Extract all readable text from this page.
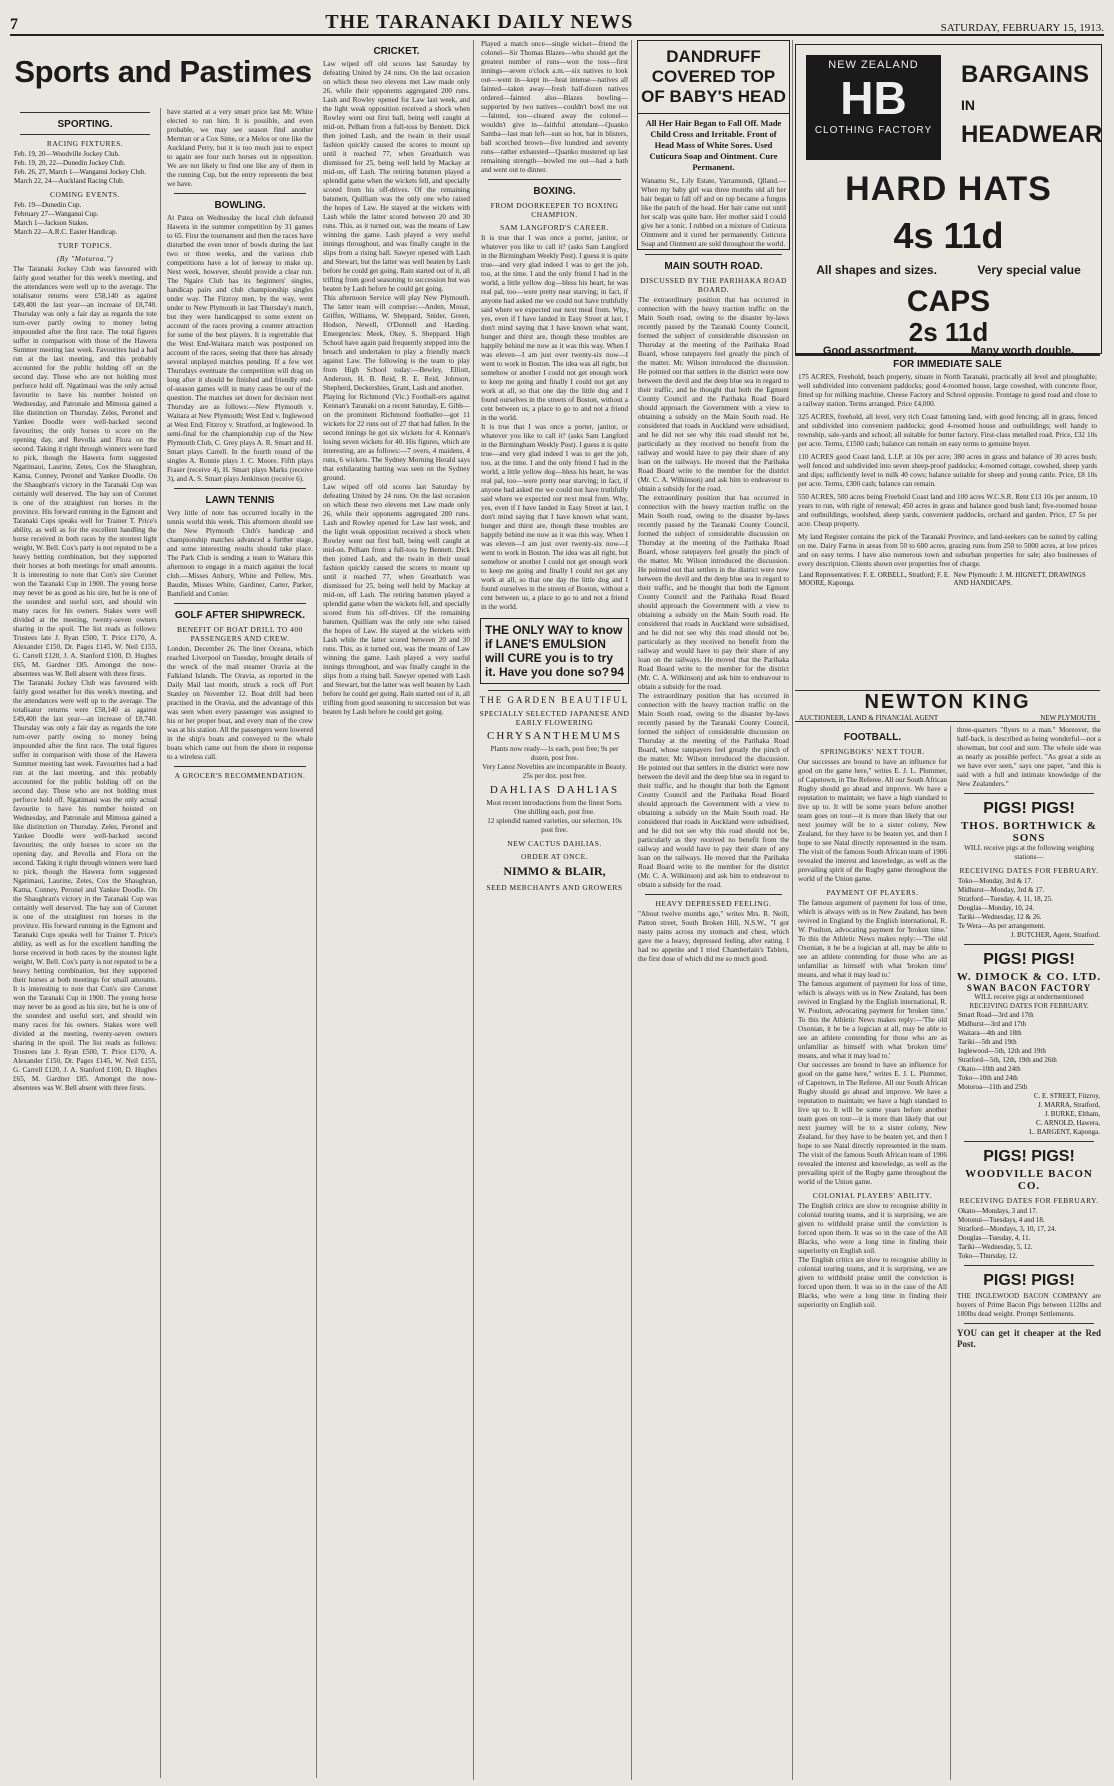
7	THE TARANAKI DAILY NEWS	SATURDAY, FEBRUARY 15, 1913.
Sports and Pastimes
SPORTING.
RACING FIXTURES.
Feb. 19, 20—Woodville Jockey Club.
Feb. 19, 20, 22—Dunedin Jockey Club.
Feb. 26, 27, March 1—Wanganui Jockey Club.
March 22, 24—Auckland Racing Club.
COMING EVENTS.
Feb. 19—Dunedin Cup.
February 27—Wanganui Cup.
March 1—Jackson Stakes.
March 22—A.R.C. Easter Handicap.
TURF TOPICS.
(By "Moturoa.")
The Taranaki Jockey Club was favoured with fairly good weather for this week's meeting, and the attendances were well up to the average. The totalisator returns were £58,140 as against £49,400 the last year—an increase of £8,740. Thursday was only a fair day as regards the tote turn-over partly owing to money being impounded after the first race. The total figures suffer in comparison with those of the Hawera Summer meeting last week. Favourites had a bad run at the last meeting, and this probably accounted for the public holding off on the second day. Those who are not holding must perforce hold off. Ngatimaui was the only actual favourite to have his number hoisted on Wednesday, and Patronale and Mimosa gained a like distinction on Thursday. Zeles, Peronel and Yankee Doodle were well-backed second favourites; the only horses to score on the opening day, and Revolla and Flora on the second. Taking it right through winners were hard to pick, though the Hawera form suggested Ngatimaui, Laurine, Zetes, Cox the Shaughran, Katna, Conney, Peronel and Yankee Doodle. On the Shaughran's victory in the Taranaki Cup was certainly well deserved. The bay son of Coronet is one of the straightest run horses in the province. His forward running in the Egmont and Taranaki Cups speaks well for Trainer T. Price's ability, as well as for the excellent handling the horse received in both races by the stoutest light weight, W. Bell. Cox's party is not reputed to be a heavy betting combination, but they supported their horses at both meetings for small amounts. It is interesting to note that Con's sire Coronet won the Taranaki Cup in 1900. The young horse may never be as good as his sire, but he is one of the soundest and useful sort, and should win many races for his owners. Stakes were well divided at the meeting, twenty-seven owners sharing in the spoil. The list reads as follows: Trustees late J. Ryan £500, T. Price £170, A. Alexander £150, Dr. Pages £145, W. Neil £155, G. Carrell £120, J. A. Stanford £100, D. Hughes £65, M. Gardner £85. Amongst the now-absentees was W. Bell absent with three firsts.
The Taranaki Jockey Club was favoured with fairly good weather for this week's meeting, and the attendances were well up to the average. The totalisator returns were £58,140 as against £49,400 the last year—an increase of £8,740. Thursday was only a fair day as regards the tote turn-over partly owing to money being impounded after the first race. The total figures suffer in comparison with those of the Hawera Summer meeting last week. Favourites had a bad run at the last meeting, and this probably accounted for the public holding off on the second day. Those who are not holding must perforce hold off. Ngatimaui was the only actual favourite to have his number hoisted on Wednesday, and Patronale and Mimosa gained a like distinction on Thursday. Zeles, Peronel and Yankee Doodle were well-backed second favourites; the only horses to score on the opening day, and Revolla and Flora on the second. Taking it right through winners were hard to pick, though the Hawera form suggested Ngatimaui, Laurine, Zetes, Cox the Shaughran, Katna, Conney, Peronel and Yankee Doodle. On the Shaughran's victory in the Taranaki Cup was certainly well deserved. The bay son of Coronet is one of the straightest run horses in the province. His forward running in the Egmont and Taranaki Cups speaks well for Trainer T. Price's ability, as well as for the excellent handling the horse received in both races by the stoutest light weight, W. Bell. Cox's party is not reputed to be a heavy betting combination, but they supported their horses at both meetings for small amounts. It is interesting to note that Con's sire Coronet won the Taranaki Cup in 1900. The young horse may never be as good as his sire, but he is one of the soundest and useful sort, and should win many races for his owners. Stakes were well divided at the meeting, twenty-seven owners sharing in the spoil. The list reads as follows: Trustees late J. Ryan £500, T. Price £170, A. Alexander £150, Dr. Pages £145, W. Neil £155, G. Carrell £120, J. A. Stanford £100, D. Hughes £65, M. Gardner £85. Amongst the now-absentees was W. Bell absent with three firsts.
have started at a very smart price last Mr. White elected to run him. It is possible, and even probable, we may see season find another Merman or a Cox Sime, or a Melos or one like the Auckland Perry, but it is too much just to expect to again see four such horses out in opposition. We are not likely to find one like any of them in the running Cup, but the entry represents the best we have.
BOWLING.
At Patea on Wednesday the local club defeated Hawera in the summer competition by 31 games to 65. First the tournament and then the races have disturbed the even tenor of bowls during the last two or three weeks, and the various club competitions have a lot of leeway to make up. Next week, however, should provide a clear run. The Ngaire Club has its beginners' singles, handicap pairs and club championship singles under way. The Fitzroy men, by the way, went under to New Plymouth in last Thursday's match, but they were handicapped to some extent on account of the races proving a counter attraction for some of the best players. It is regrettable that the West End-Waitara match was postponed on account of the races, seeing that there has already several unplayed matches pending. If a few wet Thursdays eventuate the competition will drag on long after it should be finished and friendly end-of-season games will in many cases be out of the question. The matches set down for decision next Thursday are as follows:—New Plymouth v. Waitara at New Plymouth; West End v. Inglewood at West End; Fitzroy v. Stratford, at Inglewood. In semi-final for the championship cup of the New Plymouth Club, C. Grey plays A. R. Smart and H. Smart plays Carrell. In the fourth round of the singles A. Ronnie plays J. C. Moore. Fifth plays Fraser (receive 4), H. Smart plays Marks (receive 3), and A. S. Smart plays Jenkinson (receive 6).
LAWN TENNIS
Very little of note has occurred locally in the tennis world this week. This afternoon should see the New Plymouth Club's handicap and championship matches advanced a further stage, and some interesting results should take place. The Park Club is sending a team to Waitara this afternoon to engage in a match against the local club.—Misses Anbury, White and Pellew, Mrs. Baudin, Misses White, Gardiner, Carter, Parker, Bamfield and Cottier.
GOLF AFTER SHIPWRECK.
BENEFIT OF BOAT DRILL TO 400 PASSENGERS AND CREW.
London, December 26. The liner Oceana, which reached Liverpool on Tuesday, brought details of the wreck of the mail steamer Oravia at the Falkland Islands. The Oravia, as reported in the Daily Mail last month, struck a rock off Port Stanley on November 12. Boat drill had been practised in the Oravia, and the advantage of this was seen when every passenger was assigned to his or her proper boat, and every man of the crew was at his station. All the passengers were lowered in the ship's boats and conveyed to the whale boats which came out from the shore in response to a wireless call.
A GROCER'S RECOMMENDATION.
CRICKET.
Law wiped off old scores last Saturday by defeating United by 24 runs. On the last occasion on which these two elevens met Law made only 26, while their opponents aggregated 200 runs. Lash and Rowley opened for Law last week, and the light weak opposition received a shock when Rowley went out first ball, being well caught at mid-on. Pelham from a full-toss by Bennett. Dick then joined Lash, and the twain in their usual fashion quickly caused the scores to mount up until it reached 77, when Greatbatch was dismissed for 25, being well held by Mackay at mid-on, off Lash. The retiring batsmen played a splendid game when the wickets fell, and specially scored from his off-drives. Of the remaining batsmen, Quilliam was the only one who raised the hopes of Law. He stayed at the wickets with Lash while the latter scored between 20 and 30 runs. This, as it turned out, was the means of Law winning the game. Lash played a very useful innings throughout, and was finally caught in the slips from a rising ball. Sawyer opened with Lash and Stewart, but the latter was well beaten by Lash before he could get going. Rain started out of it, all trifling from good seasoning to succession but was beaten by Lash before he could get going.
This afternoon Service will play New Plymouth. The latter team will comprise:—Anden, Mouat, Griffen, Williams, W. Sheppard, Snider, Green, Hodson, Newell, O'Donnell and Harding. Emergencies: Meek, Okey, S. Sheppard. High School have again paid frequently stepped into the breach and undertaken to play a friendly match against Law. The following is the team to play from High School today:—Bewley, Elliott, Anderson, H. B. Reid, R. E. Reid, Johnson, Shepherd, Deckersbies, Grant, Lash and another.
Playing for Richmond (Vic.) Football-ers against Kennan's Taranaki on a recent Saturday, E. Gibb—on the prominent Richmond footballer—got 11 wickets for 22 runs out of 27 that had fallen. In the second innings he got six wickets for 4. Kennan's losing seven wickets for 40. His figures, which are interesting, are as follows:—7 overs, 4 maidens, 4 runs, 6 wickets. The Sydney Morning Herald says that exhilarating batting was seen on the Sydney ground.
Law wiped off old scores last Saturday by defeating United by 24 runs. On the last occasion on which these two elevens met Law made only 26, while their opponents aggregated 200 runs. Lash and Rowley opened for Law last week, and the light weak opposition received a shock when Rowley went out first ball, being well caught at mid-on. Pelham from a full-toss by Bennett. Dick then joined Lash, and the twain in their usual fashion quickly caused the scores to mount up until it reached 77, when Greatbatch was dismissed for 25, being well held by Mackay at mid-on, off Lash. The retiring batsmen played a splendid game when the wickets fell, and specially scored from his off-drives. Of the remaining batsmen, Quilliam was the only one who raised the hopes of Law. He stayed at the wickets with Lash while the latter scored between 20 and 30 runs. This, as it turned out, was the means of Law winning the game. Lash played a very useful innings throughout, and was finally caught in the slips from a rising ball. Sawyer opened with Lash and Stewart, but the latter was well beaten by Lash before he could get going. Rain started out of it, all trifling from good seasoning to succession but was beaten by Lash before he could get going.
Played a match once—single wicket—friend the colonel—Sir Thomas Blazes—who should get the greatest number of runs—won the toss—first innings—seven o'clock a.m.—six natives to look out—went in—kept in—heat intense—natives all fainted—taken away—fresh half-dozen natives ordered—fainted also—Blazes bowling—supported by two natives—couldn't bowl me out—fainted, too—cleared away the colonel—wouldn't give in—faithful attendant—Quanko Samba—last man left—sun so hot, bat in blisters, ball scorched brown—five hundred and seventy runs—rather exhausted—Quanko mustered up last remaining strength—bowled me out—had a bath and went out to dinner.
BOXING.
FROM DOORKEEPER TO BOXING CHAMPION.
SAM LANGFORD'S CAREER.
It is true that I was once a porter, janitor, or whatever you like to call it? (asks Sam Langford in the Birmingham Weekly Post). I guess it is quite true—and very glad indeed I was to get the job, too, at the time. I and the only friend I had in the world, a little yellow dog—bless his heart, he was real pal, too—were pretty near starving; in fact, if anyone had asked me we could not have truthfully said where we expected our next meal from. Why, yes, even if I have landed in Easy Street at last, I don't mind saying that I have known what want, hunger and thirst are, though these troubles are happily behind me now as it was this way. When I was eleven—I am just over twenty-six now—I went to work in Boston. The idea was all right, but somehow or another I could not get enough work to keep me going and finally I could not get any work at all, so that one day the little dog and I found ourselves in the streets of Boston, without a cent between us, a place to go to and not a friend in the world.
It is true that I was once a porter, janitor, or whatever you like to call it? (asks Sam Langford in the Birmingham Weekly Post). I guess it is quite true—and very glad indeed I was to get the job, too, at the time. I and the only friend I had in the world, a little yellow dog—bless his heart, he was real pal, too—were pretty near starving; in fact, if anyone had asked me we could not have truthfully said where we expected our next meal from. Why, yes, even if I have landed in Easy Street at last, I don't mind saying that I have known what want, hunger and thirst are, though these troubles are happily behind me now as it was this way. When I was eleven—I am just over twenty-six now—I went to work in Boston. The idea was all right, but somehow or another I could not get enough work to keep me going and finally I could not get any work at all, so that one day the little dog and I found ourselves in the streets of Boston, without a cent between us, a place to go to and not a friend in the world.
THE ONLY WAY to know if LANE'S EMULSION will CURE you is to try it. Have you done so? 94
THE GARDEN BEAUTIFUL
SPECIALLY SELECTED JAPANESE AND EARLY FLOWERING
CHRYSANTHEMUMS
Plants now ready—1s each, post free; 9s per dozen, post free.
Very Latest Novelties are incomparable in Beauty. 25s per doz. post free.
DAHLIAS DAHLIAS
Most recent introductions from the finest Sorts. One shilling each, post free.
12 splendid named varieties, our selection, 10s post free.
NEW CACTUS DAHLIAS.
ORDER AT ONCE.
NIMMO & BLAIR,
SEED MERCHANTS AND GROWERS
DANDRUFF COVERED TOP OF BABY'S HEAD
All Her Hair Began to Fall Off. Made Child Cross and Irritable. Front of Head Mass of White Sores. Used Cuticura Soap and Ointment. Cure Permanent.
Wanamu St., Lily Estate, Yarramundi, Qlland.—When my baby girl was three months old all her hair began to fall off and on top became a fungus like the patch of the head. Her hair came out until her scalp was quite bare. Her mother said I could give her a tonic. I rubbed on a mixture of Cuticura Ointment and it cured her permanently. Cuticura Soap and Ointment are sold throughout the world.
MAIN SOUTH ROAD.
DISCUSSED BY THE PARIHAKA ROAD BOARD.
The extraordinary position that has occurred in connection with the heavy traction traffic on the Main South road, owing to the disaster by-laws recently passed by the Taranaki County Council, formed the subject of considerable discussion on Thursday at the meeting of the Parihaka Road Board, whose ratepayers feel greatly the pinch of the matter. Mr. Wilson introduced the discussion. He pointed out that settlers in the district were now between the devil and the deep blue sea in regard to their traffic, and he thought that both the Egmont County Council and the Parihaka Road Board should approach the Government with a view to obtaining a subsidy on the Main South road. He considered that roads in Auckland were subsidised, and he did not see why this road should not be, particularly as they received no benefit from the railway and would have to pay their share of any loan on the railways. He moved that the Parihaka Road Board write to the member for the district (Mr. C. A. Wilkinson) and ask him to endeavour to obtain a subsidy for the road.
The extraordinary position that has occurred in connection with the heavy traction traffic on the Main South road, owing to the disaster by-laws recently passed by the Taranaki County Council, formed the subject of considerable discussion on Thursday at the meeting of the Parihaka Road Board, whose ratepayers feel greatly the pinch of the matter. Mr. Wilson introduced the discussion. He pointed out that settlers in the district were now between the devil and the deep blue sea in regard to their traffic, and he thought that both the Egmont County Council and the Parihaka Road Board should approach the Government with a view to obtaining a subsidy on the Main South road. He considered that roads in Auckland were subsidised, and he did not see why this road should not be, particularly as they received no benefit from the railway and would have to pay their share of any loan on the railways. He moved that the Parihaka Road Board write to the member for the district (Mr. C. A. Wilkinson) and ask him to endeavour to obtain a subsidy for the road.
The extraordinary position that has occurred in connection with the heavy traction traffic on the Main South road, owing to the disaster by-laws recently passed by the Taranaki County Council, formed the subject of considerable discussion on Thursday at the meeting of the Parihaka Road Board, whose ratepayers feel greatly the pinch of the matter. Mr. Wilson introduced the discussion. He pointed out that settlers in the district were now between the devil and the deep blue sea in regard to their traffic, and he thought that both the Egmont County Council and the Parihaka Road Board should approach the Government with a view to obtaining a subsidy on the Main South road. He considered that roads in Auckland were subsidised, and he did not see why this road should not be, particularly as they received no benefit from the railway and would have to pay their share of any loan on the railways. He moved that the Parihaka Road Board write to the member for the district (Mr. C. A. Wilkinson) and ask him to endeavour to obtain a subsidy for the road.
HEAVY DEPRESSED FEELING.
"About twelve months ago," writes Mrs. R. Neill, Patton street, South Broken Hill, N.S.W., "I got nasty pains across my stomach and chest, which gave me a heavy, depressed feeling, after eating. I had no appetite and I tried Chamberlain's Tablets, the first dose of which did me so much good.
NEW ZEALAND
HB
CLOTHING FACTORY
BARGAINS
IN
HEADWEAR
HARD HATS
4s 11d
All shapes and sizes.	Very special value
CAPS
2s 11d
Good assortment.	Many worth double.
FOR IMMEDIATE SALE
175 ACRES, Freehold, beach property, situate in North Taranaki, practically all level and ploughable; well subdivided into convenient paddocks; good 4-roomed house, large cowshed, with concrete floor, fitted up for milking machine. Cheese Factory and School opposite. Frontage to good road and close to a railway station. Terms arranged. Price £4,000.
325 ACRES, freehold, all level, very rich Coast fattening land, with good fencing; all in grass, fenced and subdivided into convenient paddocks; good 4-roomed house and outbuildings; well handy to township, sale-yards and school; all suitable for butter factory. First-class metalled road. Price, £32 10s per acre. Terms, £1500 cash; balance can remain on easy terms to genuine buyer.
110 ACRES good Coast land, L.I.P. at 10s per acre; 380 acres in grass and balance of 30 acres bush; well fenced and subdivided into seven sheep-proof paddocks; 4-roomed cottage, cowshed, sheep yards and dips; sufficiently level to milk 40 cows; balance suitable for sheep and young cattle. Price, £8 10s per acre. Terms, £300 cash; balance can remain.
550 ACRES, 500 acres being Freehold Coast land and 100 acres W.C.S.R. Rent £13 10s per annum, 10 years to run, with right of renewal; 450 acres in grass and balance good bush land; five-roomed house and outbuildings, woolshed, sheep yards, convenient paddocks, orchard and garden. Price, £7 5s per acre. Cheap property.
My land Register contains the pick of the Taranaki Province, and land-seekers can be suited by calling on me. Dairy Farms in areas from 50 to 600 acres, grazing runs from 250 to 5000 acres, at low prices and on easy terms. I have also numerous town and suburban properties for sale; also businesses of every description. Clients shown over properties free of charge.
Land Representatives: F. E. ORBELL, Stratford; F. E. MOORE, Kaponga.
New Plymouth: J. M. HIGNETT, DRAWINGS AND HANDICAPS.
NEWTON KING
AUCTIONEER, LAND & FINANCIAL AGENT	NEW PLYMOUTH
FOOTBALL.
SPRINGBOKS' NEXT TOUR.
Our successes are bound to have an influence for good on the game here," writes E. J. L. Plummer, of Capetown, in The Referee. All our South African Rugby should go ahead and improve. We have a reputation to maintain; we have a high standard to live up to. It will be some years before another team goes on tour—it is more than likely that our next journey will be to a sister colony, New Zealand, for they have to be beaten yet, and then I hope to see Natal directly represented in the team. The visit of the famous South African team of 1906 revealed the interest and knowledge, as well as the prevailing spirit of the Rugby game throughout the world of the Union game.
PAYMENT OF PLAYERS.
The famous argument of payment for loss of time, which is always with us in New Zealand, has been revived in England by the English international, R. W. Poulton, advocating payment for 'broken time.' To this the Athletic News makes reply:—'The old Oxonian, it he be a logician at all, may be able to see an athlete contending for those who are as unfamiliar as himself with what 'broken time' means, and what it may lead to.'
The famous argument of payment for loss of time, which is always with us in New Zealand, has been revived in England by the English international, R. W. Poulton, advocating payment for 'broken time.' To this the Athletic News makes reply:—'The old Oxonian, it he be a logician at all, may be able to see an athlete contending for those who are as unfamiliar as himself with what 'broken time' means, and what it may lead to.'
Our successes are bound to have an influence for good on the game here," writes E. J. L. Plummer, of Capetown, in The Referee. All our South African Rugby should go ahead and improve. We have a reputation to maintain; we have a high standard to live up to. It will be some years before another team goes on tour—it is more than likely that our next journey will be to a sister colony, New Zealand, for they have to be beaten yet, and then I hope to see Natal directly represented in the team. The visit of the famous South African team of 1906 revealed the interest and knowledge, as well as the prevailing spirit of the Rugby game throughout the world of the Union game.
COLONIAL PLAYERS' ABILITY.
The English critics are slow to recognise ability in colonial touring teams, and it is surprising, we are given to withhold praise until the conviction is forced upon them. It was so in the case of the All Blacks, who were a long time in finding their superiority on English soil.
The English critics are slow to recognise ability in colonial touring teams, and it is surprising, we are given to withhold praise until the conviction is forced upon them. It was so in the case of the All Blacks, who were a long time in finding their superiority on English soil.
three-quarters "flyers to a man." Moreover, the half-back, is described as being wonderful—not a showman, but cool and sure. The whole side was as nearly as possible perfect. "As great a side as we have ever seen," says one paper, "and this is said with a full and intimate knowledge of the New Zealanders."
PIGS! PIGS!
THOS. BORTHWICK & SONS
WILL receive pigs at the following weighing stations—
RECEIVING DATES FOR FEBRUARY.
Toko—Monday, 3rd & 17.
Midhurst—Monday, 3rd & 17.
Stratford—Tuesday, 4, 11, 18, 25.
Douglas—Monday, 10, 24.
Tariki—Wednesday, 12 & 26.
Te Wera—As per arrangement.
J. BUTCHER, Agent, Stratford.
PIGS! PIGS!
W. DIMOCK & CO. LTD.
SWAN BACON FACTORY
WILL receive pigs at undermentioned RECEIVING DATES FOR FEBRUARY.
Smart Road—3rd and 17th
Midhurst—3rd and 17th
Waitara—4th and 18th
Tariki—5th and 19th
Inglewood—5th, 12th and 19th
Stratford—5th, 12th, 19th and 26th
Okato—10th and 24th
Toko—10th and 24th
Motoroa—11th and 25th
C. E. STREET, Fitzroy,
J. MARRA, Stratford,
J. BURKE, Eltham,
C. ARNOLD, Hawera,
L. BARGENT, Kaponga.
PIGS! PIGS!
WOODVILLE BACON CO.
RECEIVING DATES FOR FEBRUARY.
Okato—Mondays, 3 and 17.
Motonui—Tuesdays, 4 and 18.
Stratford—Mondays, 3, 10, 17, 24.
Douglas—Tuesday, 4, 11.
Tariki—Wednesday, 5, 12.
Toko—Thursday, 12.
PIGS! PIGS!
THE INGLEWOOD BACON COMPANY are buyers of Prime Bacon Pigs between 112lbs and 180lbs dead weight. Prompt Settlements.
YOU can get it cheaper at the Red Post.
